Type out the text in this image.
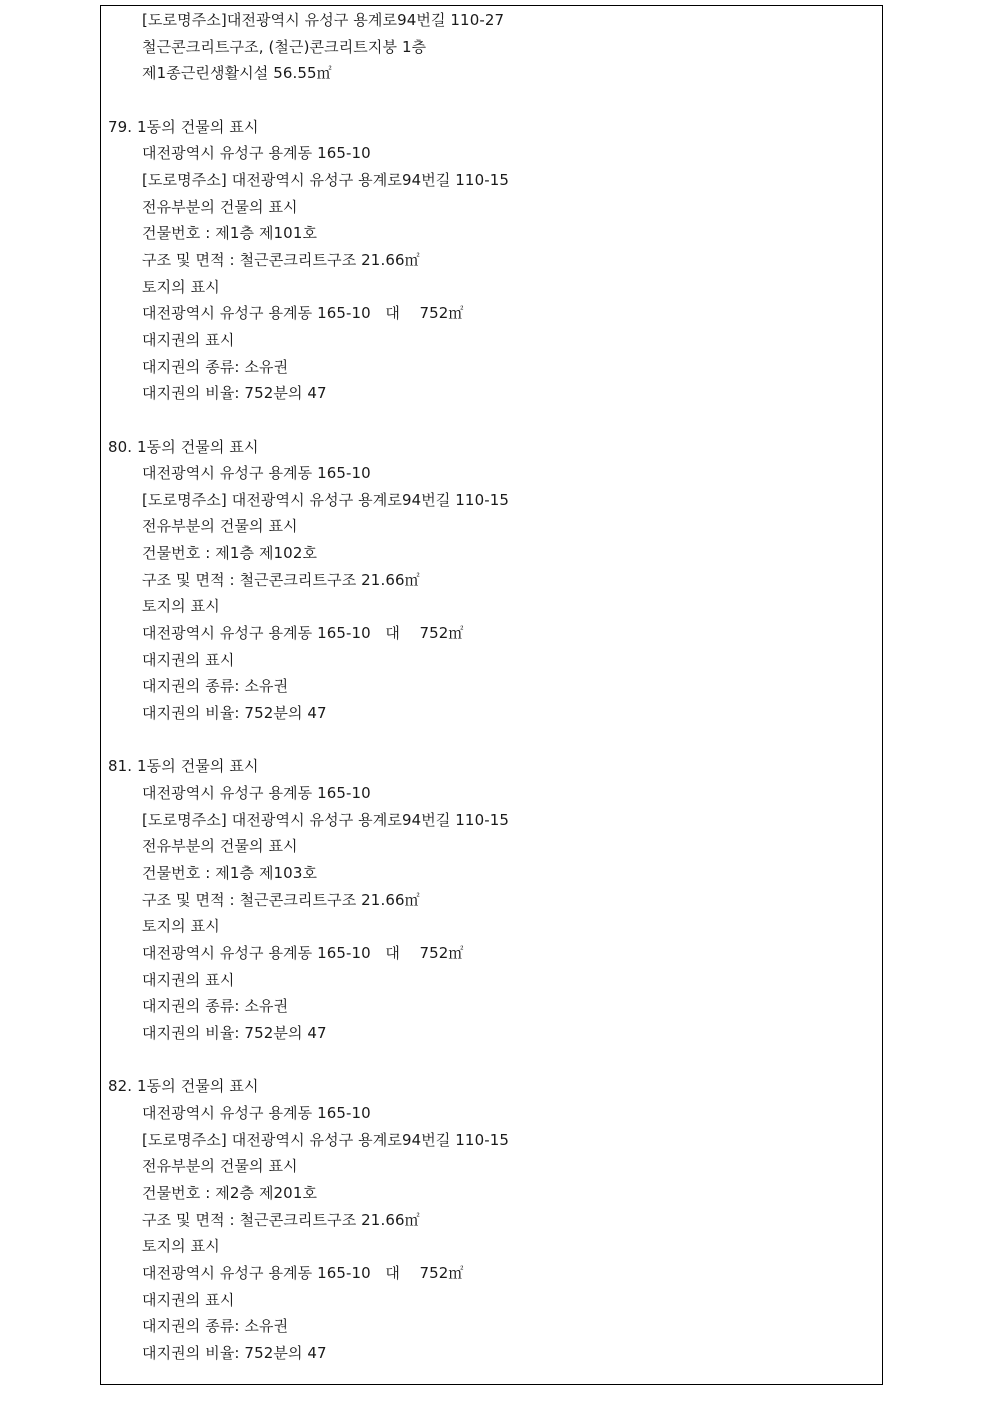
[도로명주소]대전광역시 유성구 용계로94번길 110-27
철근콘크리트구조, (철근)콘크리트지붕 1층
제1종근린생활시설 56.55㎡
79. 1동의 건물의 표시
대전광역시 유성구 용계동 165-10
[도로명주소] 대전광역시 유성구 용계로94번길 110-15
전유부분의 건물의 표시
건물번호 : 제1층 제101호
구조 및 면적 : 철근콘크리트구조 21.66㎡
토지의 표시
대전광역시 유성구 용계동 165-10   대    752㎡
대지권의 표시
대지권의 종류: 소유권
대지권의 비율: 752분의 47
80. 1동의 건물의 표시
대전광역시 유성구 용계동 165-10
[도로명주소] 대전광역시 유성구 용계로94번길 110-15
전유부분의 건물의 표시
건물번호 : 제1층 제102호
구조 및 면적 : 철근콘크리트구조 21.66㎡
토지의 표시
대전광역시 유성구 용계동 165-10   대    752㎡
대지권의 표시
대지권의 종류: 소유권
대지권의 비율: 752분의 47
81. 1동의 건물의 표시
대전광역시 유성구 용계동 165-10
[도로명주소] 대전광역시 유성구 용계로94번길 110-15
전유부분의 건물의 표시
건물번호 : 제1층 제103호
구조 및 면적 : 철근콘크리트구조 21.66㎡
토지의 표시
대전광역시 유성구 용계동 165-10   대    752㎡
대지권의 표시
대지권의 종류: 소유권
대지권의 비율: 752분의 47
82. 1동의 건물의 표시
대전광역시 유성구 용계동 165-10
[도로명주소] 대전광역시 유성구 용계로94번길 110-15
전유부분의 건물의 표시
건물번호 : 제2층 제201호
구조 및 면적 : 철근콘크리트구조 21.66㎡
토지의 표시
대전광역시 유성구 용계동 165-10   대    752㎡
대지권의 표시
대지권의 종류: 소유권
대지권의 비율: 752분의 47
